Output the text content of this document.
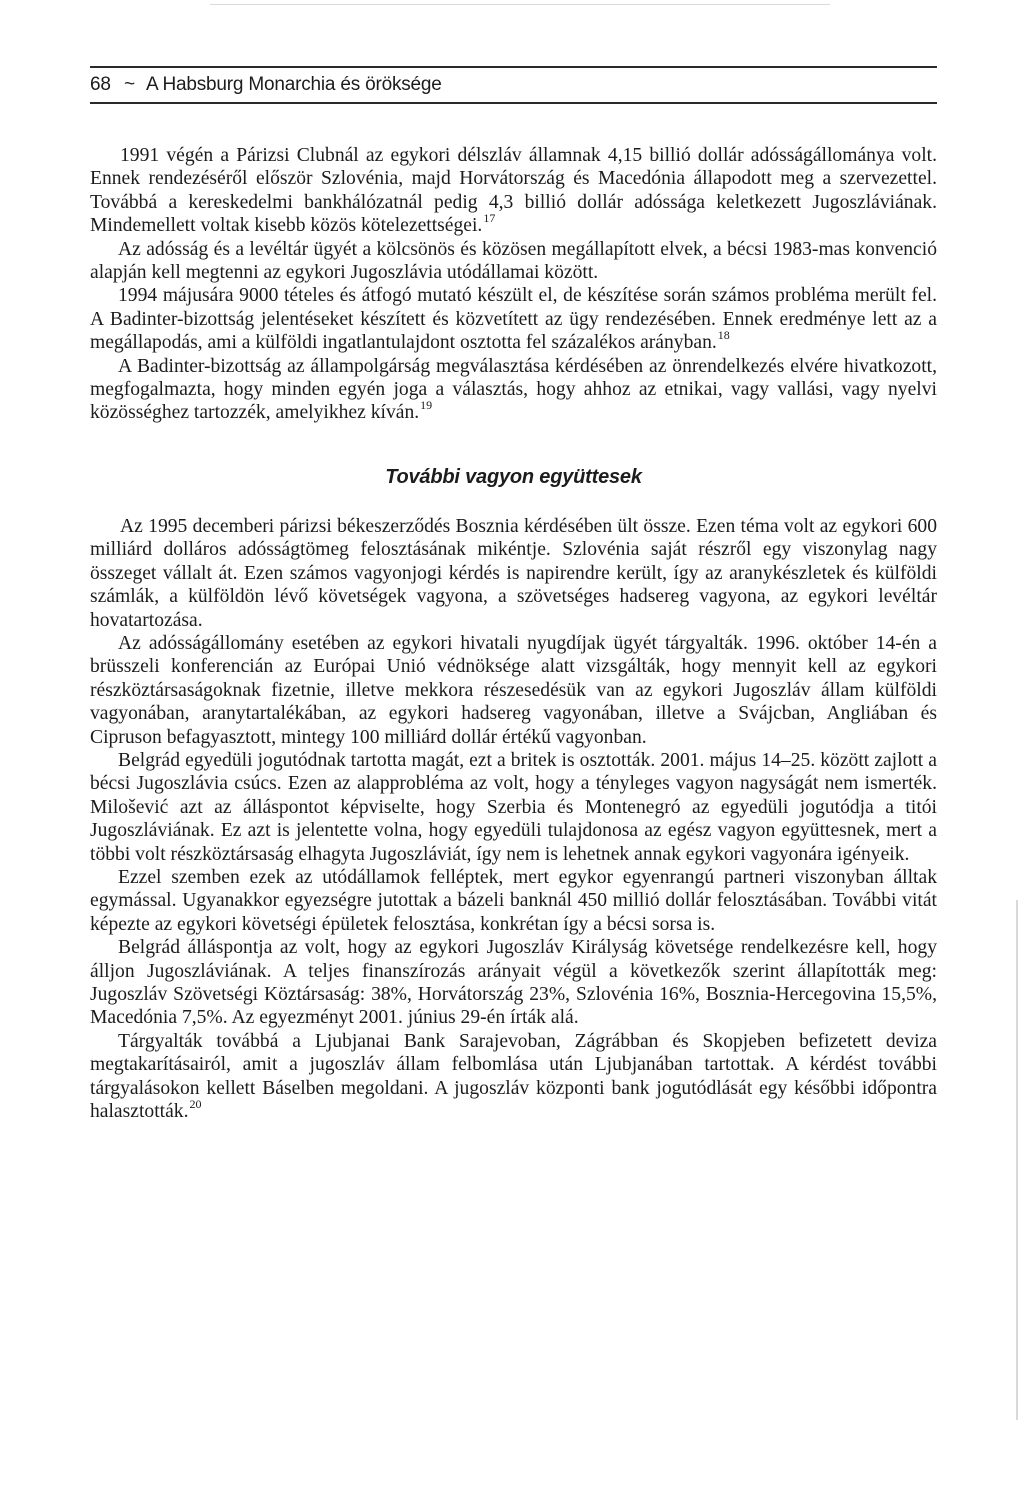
68 ~ A Habsburg Monarchia és öröksége

1991 végén a Párizsi Clubnál az egykori délszláv államnak 4,15 billió dollár adósságállománya volt. Ennek rendezéséről először Szlovénia, majd Horvátország és Macedónia állapodott meg a szervezettel. Továbbá a kereskedelmi bankhálózatnál pedig 4,3 billió dollár adóssága keletkezett Jugoszláviának. Mindemellett voltak kisebb közös kötelezettségei.$^{17}$

Az adósság és a levéltár ügyét a kölcsönös és közösen megállapított elvek, a bécsi 1983-mas konvenció alapján kell megtenni az egykori Jugoszlávia utódállamai között.

1994 májusára 9000 tételes és átfogó mutató készült el, de készítése során számos probléma merült fel. A Badinter-bizottság jelentéseket készített és közvetített az ügy rendezésében. Ennek eredménye lett az a megállapodás, ami a külföldi ingatlantulajdont osztotta fel százalékos arányban.$^{18}$

A Badinter-bizottság az állampolgárság megválasztása kérdésében az önrendelkezés elvére hivatkozott, megfogalmazta, hogy minden egyén joga a választás, hogy ahhoz az etnikai, vagy vallási, vagy nyelvi közösséghez tartozzék, amelyikhez kíván.$^{19}$

További vagyon együttesek

Az 1995 decemberi párizsi békeszerződés Bosznia kérdésében ült össze. Ezen téma volt az egykori 600 milliárd dolláros adósságtömeg felosztásának mikéntje. Szlovénia saját részről egy viszonylag nagy összeget vállalt át. Ezen számos vagyonjogi kérdés is napirendre került, így az aranykészletek és külföldi számlák, a külföldön lévő követségek vagyona, a szövetséges hadsereg vagyona, az egykori levéltár hovatartozása.

Az adósságállomány esetében az egykori hivatali nyugdíjak ügyét tárgyalták. 1996. október 14-én a brüsszeli konferencián az Európai Unió védnöksége alatt vizsgálták, hogy mennyit kell az egykori részköztársaságoknak fizetnie, illetve mekkora részesedésük van az egykori Jugoszláv állam külföldi vagyonában, aranytartalékában, az egykori hadsereg vagyonában, illetve a Svájcban, Angliában és Cipruson befagyasztott, mintegy 100 milliárd dollár értékű vagyonban.

Belgrád egyedüli jogutódnak tartotta magát, ezt a britek is osztották. 2001. május 14–25. között zajlott a bécsi Jugoszlávia csúcs. Ezen az alapprobléma az volt, hogy a tényleges vagyon nagyságát nem ismerték. Milošević azt az álláspontot képviselte, hogy Szerbia és Montenegró az egyedüli jogutódja a titói Jugoszláviának. Ez azt is jelentette volna, hogy egyedüli tulajdonosa az egész vagyon együttesnek, mert a többi volt részköztársaság elhagyta Jugoszláviát, így nem is lehetnek annak egykori vagyonára igényeik.

Ezzel szemben ezek az utódállamok felléptek, mert egykor egyenrangú partneri viszonyban álltak egymással. Ugyanakkor egyezségre jutottak a bázeli banknál 450 millió dollár felosztásában. További vitát képezte az egykori követségi épületek felosztása, konkrétan így a bécsi sorsa is.

Belgrád álláspontja az volt, hogy az egykori Jugoszláv Királyság követsége rendelkezésre kell, hogy álljon Jugoszláviának. A teljes finanszírozás arányait végül a következők szerint állapították meg: Jugoszláv Szövetségi Köztársaság: 38%, Horvátország 23%, Szlovénia 16%, Bosznia-Hercegovina 15,5%, Macedónia 7,5%. Az egyezményt 2001. június 29-én írták alá.

Tárgyalták továbbá a Ljubjanai Bank Sarajevoban, Zágrábban és Skopjeben befizetett deviza megtakarításairól, amit a jugoszláv állam felbomlása után Ljubjanában tartottak. A kérdést további tárgyalásokon kellett Báselben megoldani. A jugoszláv központi bank jogutódlását egy későbbi időpontra halasztották.$^{20}$
